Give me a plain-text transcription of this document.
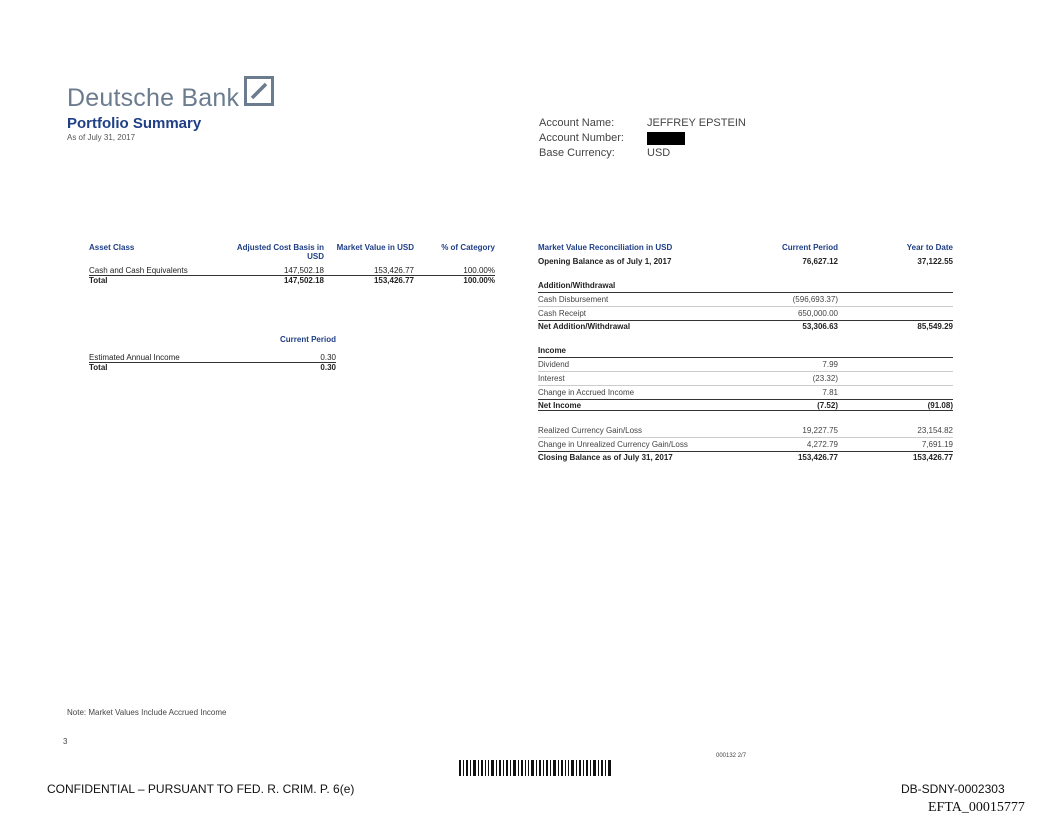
Deutsche Bank
Portfolio Summary
As of July 31, 2017
Account Name:	JEFFREY EPSTEIN
Account Number:
Base Currency:	USD
Asset Class	Adjusted Cost Basis in USD	Market Value in USD	% of Category
Cash and Cash Equivalents	147,502.18	153,426.77	100.00%
Total	147,502.18	153,426.77	100.00%
	Current Period
Estimated Annual Income	0.30
Total	0.30
Market Value Reconciliation in USD	Current Period	Year to Date
Opening Balance as of July 1, 2017	76,627.12	37,122.55

Addition/Withdrawal		
Cash Disbursement	(596,693.37)	
Cash Receipt	650,000.00	
Net Addition/Withdrawal	53,306.63	85,549.29

Income		
Dividend	7.99	
Interest	(23.32)	
Change in Accrued Income	7.81	
Net Income	(7.52)	(91.08)

Realized Currency Gain/Loss	19,227.75	23,154.82
Change in Unrealized Currency Gain/Loss	4,272.79	7,691.19
Closing Balance as of July 31, 2017	153,426.77	153,426.77
Note: Market Values Include Accrued Income
3
000132 2/7
CONFIDENTIAL – PURSUANT TO FED. R. CRIM. P. 6(e)	DB-SDNY-0002303
EFTA_00015777
